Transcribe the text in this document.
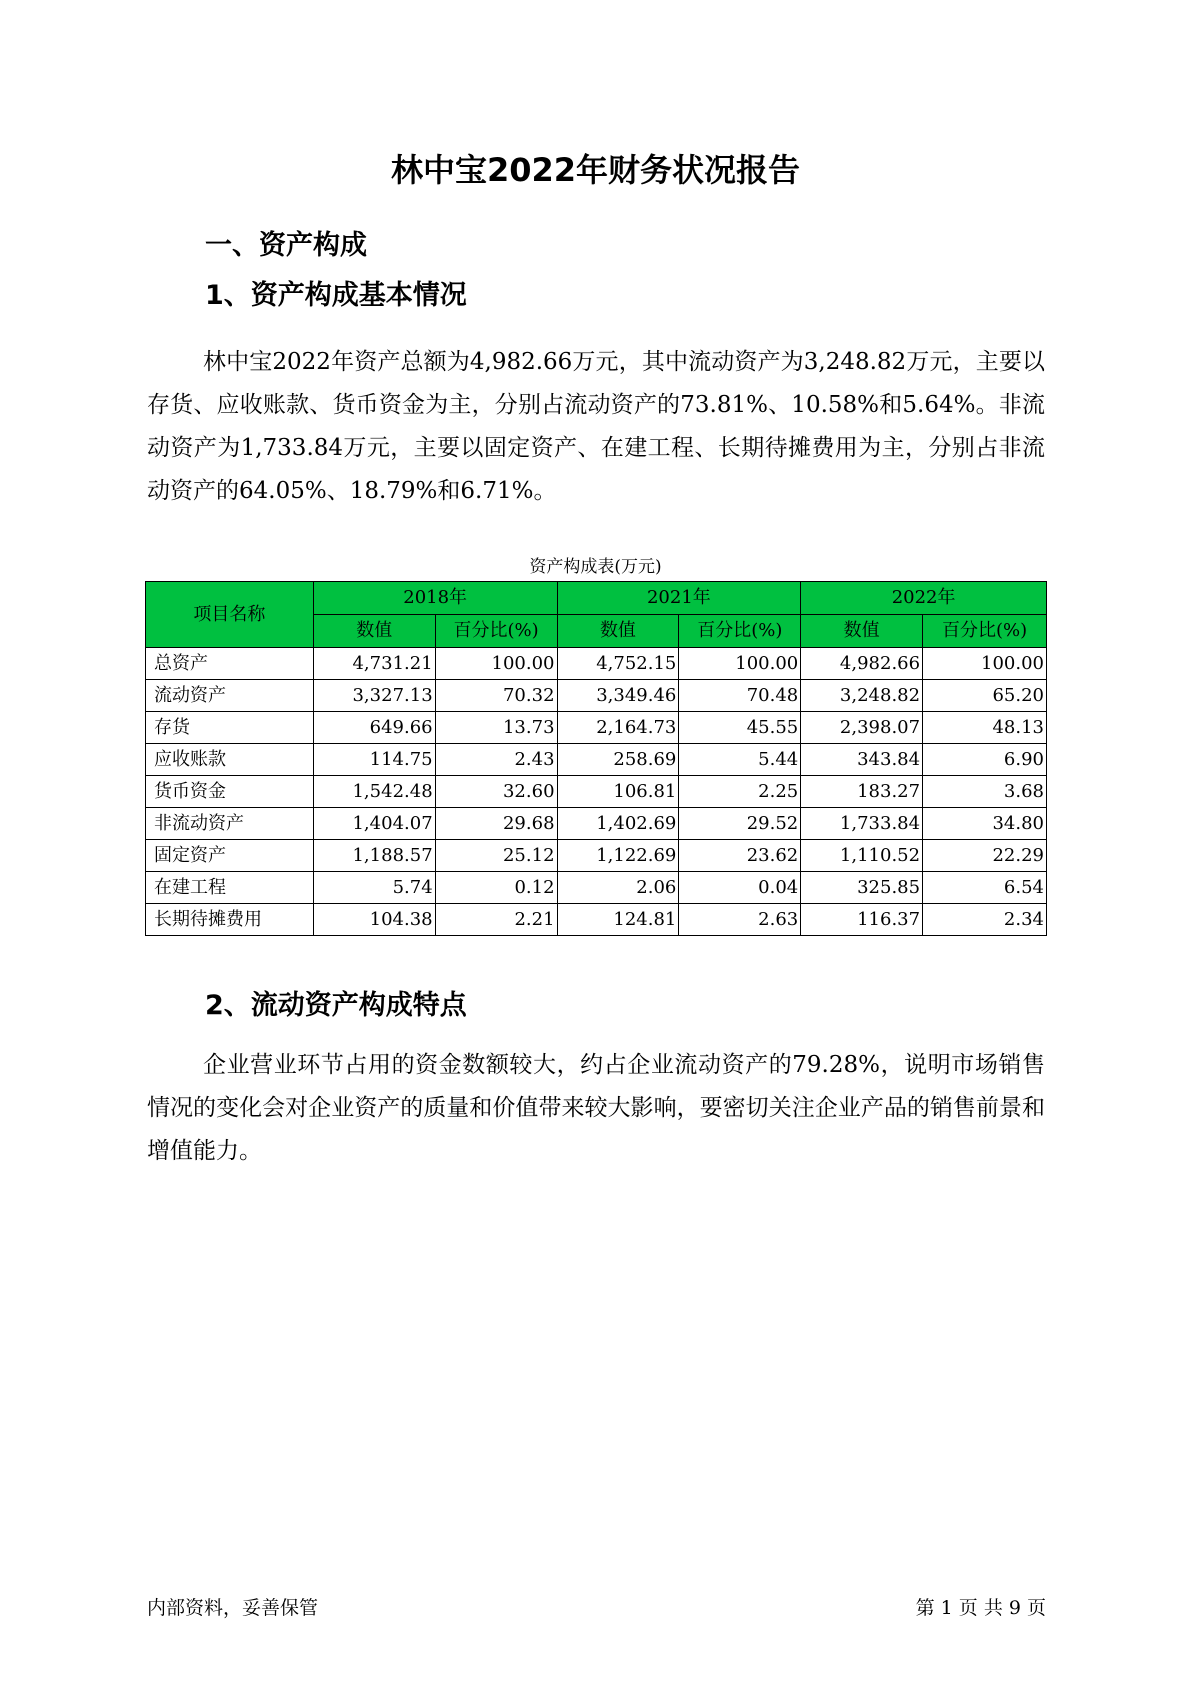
林中宝2022年财务状况报告
一、资产构成
1、资产构成基本情况
林中宝2022年资产总额为4,982.66万元，其中流动资产为3,248.82万元，主要以存货、应收账款、货币资金为主，分别占流动资产的73.81%、10.58%和5.64%。非流动资产为1,733.84万元，主要以固定资产、在建工程、长期待摊费用为主，分别占非流动资产的64.05%、18.79%和6.71%。
资产构成表(万元)
项目名称	2018年		2021年		2022年	
	数值	百分比(%)	数值	百分比(%)	数值	百分比(%)
总资产	4,731.21	100.00	4,752.15	100.00	4,982.66	100.00
流动资产	3,327.13	70.32	3,349.46	70.48	3,248.82	65.20
存货	649.66	13.73	2,164.73	45.55	2,398.07	48.13
应收账款	114.75	2.43	258.69	5.44	343.84	6.90
货币资金	1,542.48	32.60	106.81	2.25	183.27	3.68
非流动资产	1,404.07	29.68	1,402.69	29.52	1,733.84	34.80
固定资产	1,188.57	25.12	1,122.69	23.62	1,110.52	22.29
在建工程	5.74	0.12	2.06	0.04	325.85	6.54
长期待摊费用	104.38	2.21	124.81	2.63	116.37	2.34
2、流动资产构成特点
企业营业环节占用的资金数额较大，约占企业流动资产的79.28%，说明市场销售情况的变化会对企业资产的质量和价值带来较大影响，要密切关注企业产品的销售前景和增值能力。
内部资料，妥善保管	第 1 页 共 9 页
